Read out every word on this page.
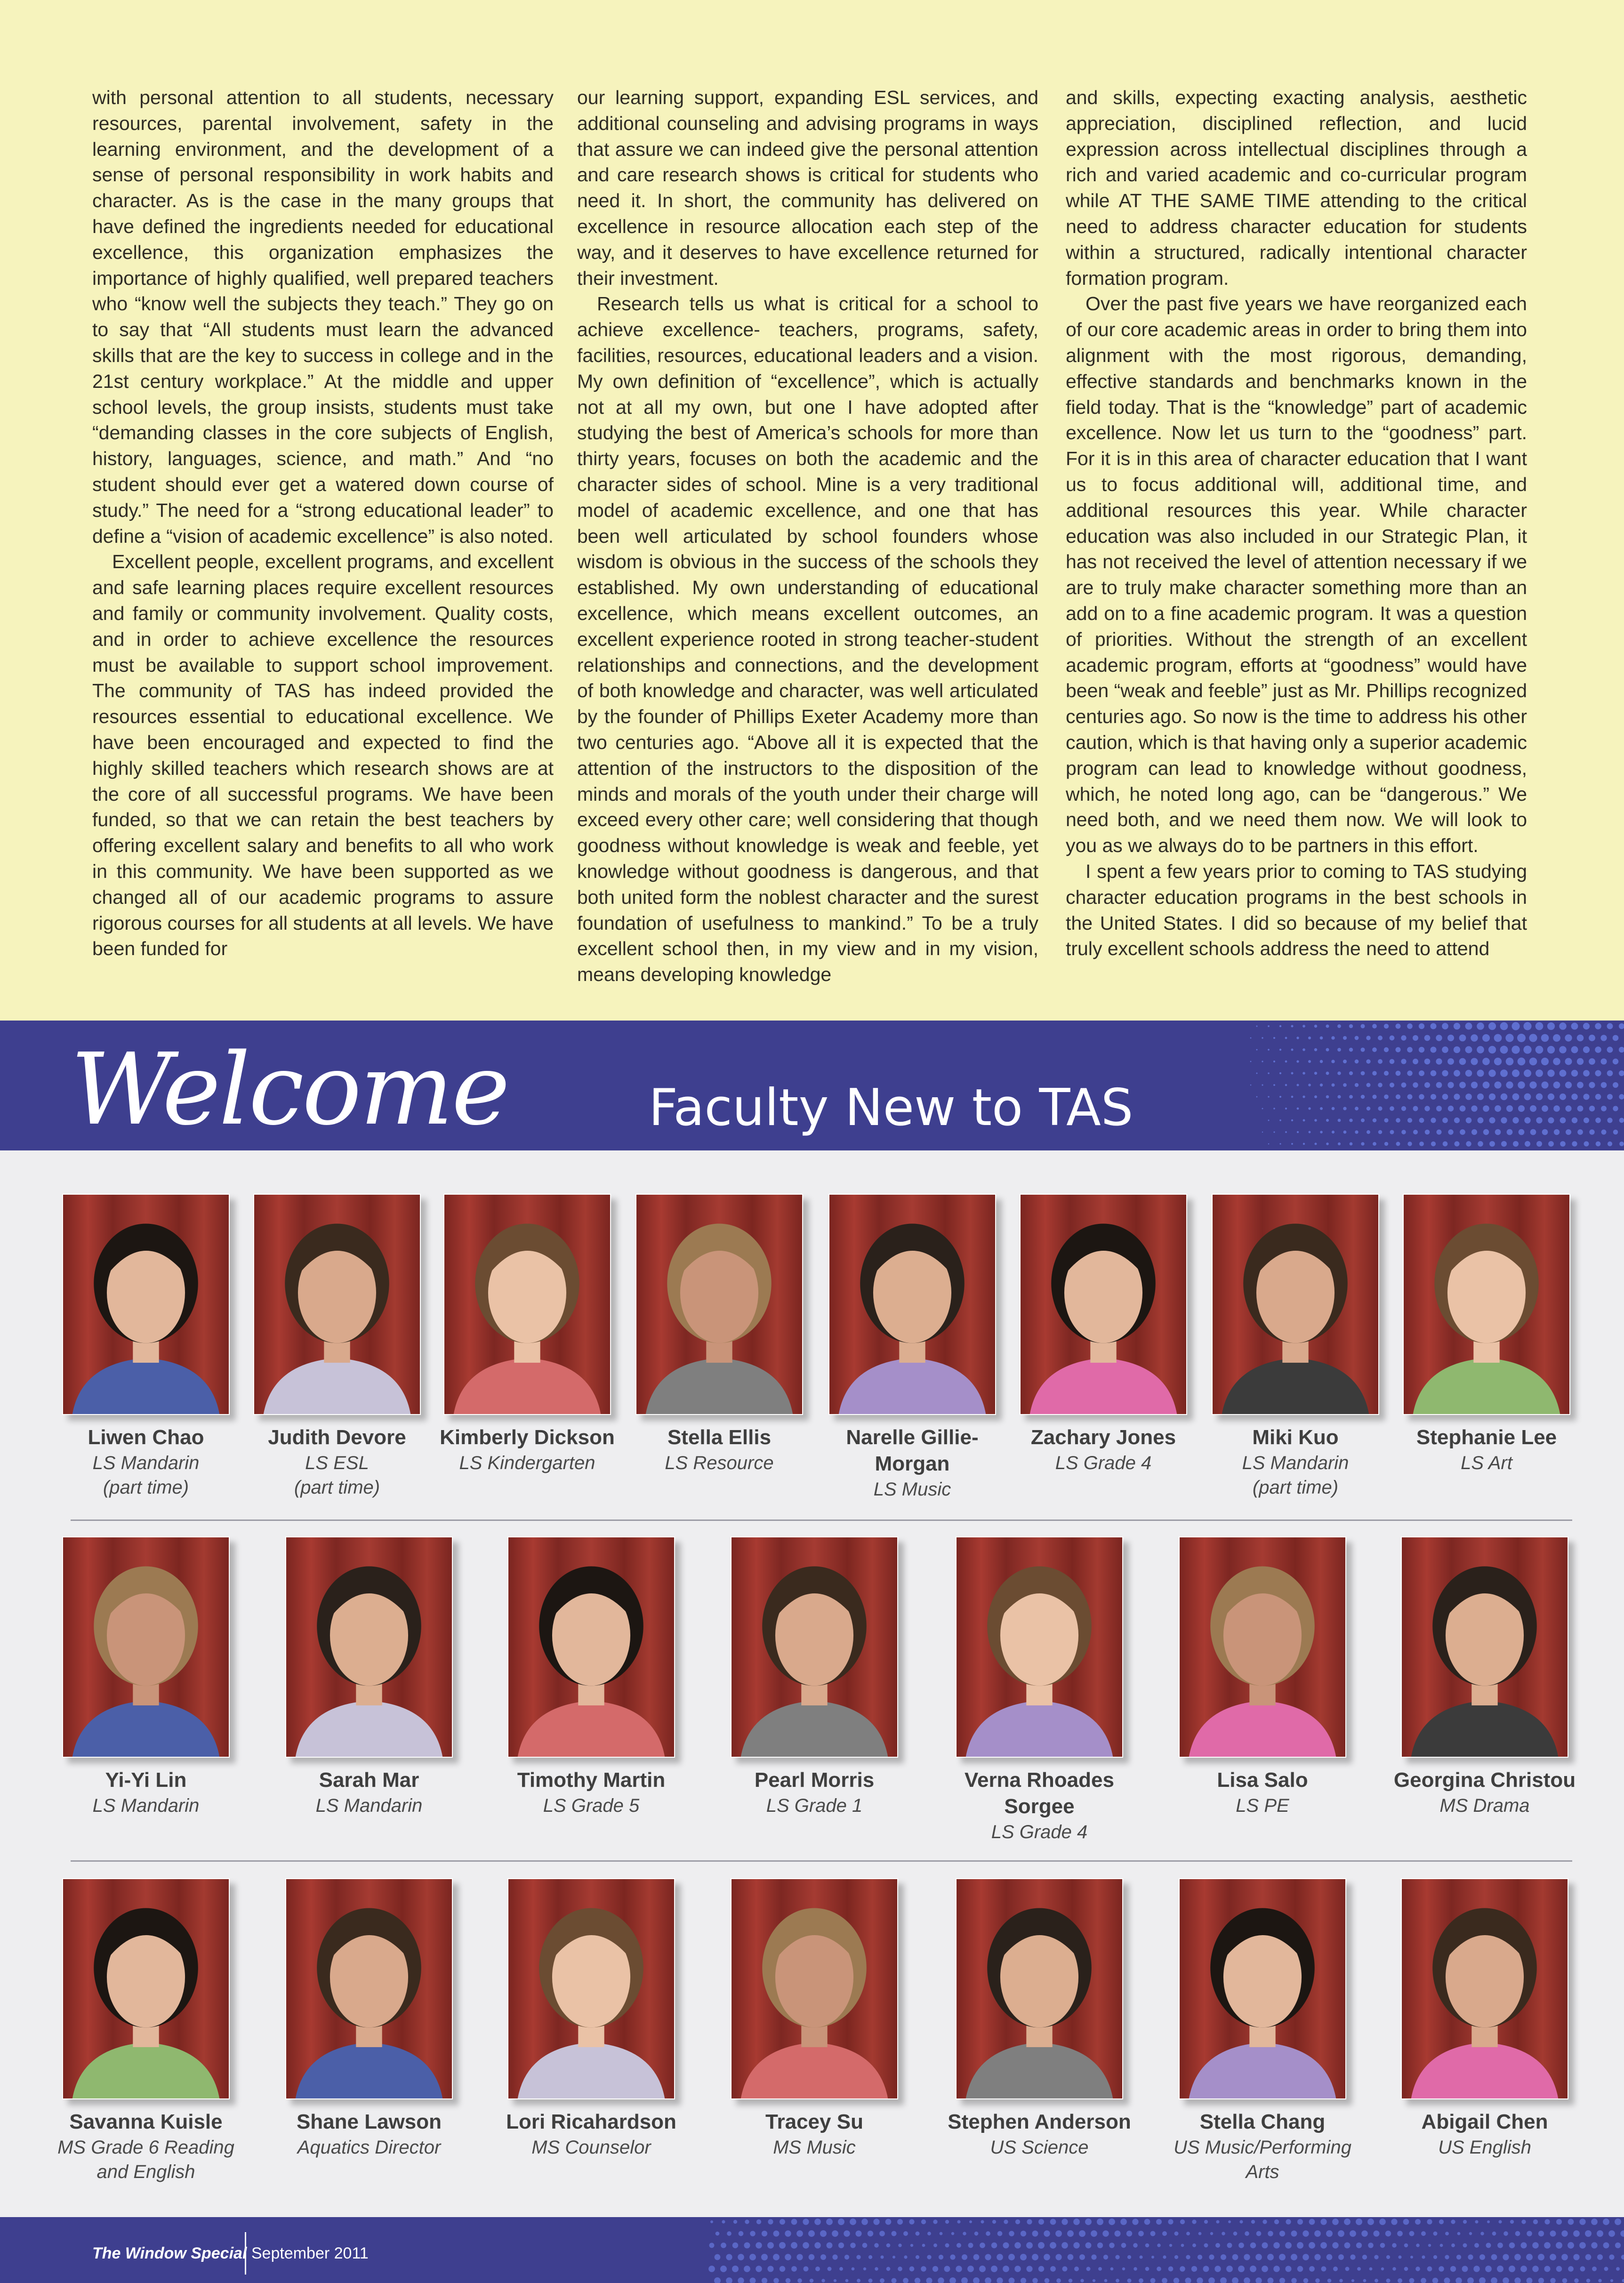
with personal attention to all students, necessary resources, parental involvement, safety in the learning environment, and the development of a sense of personal responsibility in work habits and character. As is the case in the many groups that have defined the ingredients needed for educational excellence, this organization emphasizes the importance of highly qualified, well prepared teachers who “know well the subjects they teach.” They go on to say that “All students must learn the advanced skills that are the key to success in college and in the 21st century workplace.” At the middle and upper school levels, the group insists, students must take “demanding classes in the core subjects of English, history, languages, science, and math.” And “no student should ever get a watered down course of study.” The need for a “strong educational leader” to define a “vision of academic excellence” is also noted.

Excellent people, excellent programs, and excellent and safe learning places require excellent resources and family or community involvement. Quality costs, and in order to achieve excellence the resources must be available to support school improvement. The community of TAS has indeed provided the resources essential to educational excellence. We have been encouraged and expected to find the highly skilled teachers which research shows are at the core of all successful programs. We have been funded, so that we can retain the best teachers by offering excellent salary and benefits to all who work in this community. We have been supported as we changed all of our academic programs to assure rigorous courses for all students at all levels. We have been funded for

our learning support, expanding ESL services, and additional counseling and advising programs in ways that assure we can indeed give the personal attention and care research shows is critical for students who need it. In short, the community has delivered on excellence in resource allocation each step of the way, and it deserves to have excellence returned for their investment.

Research tells us what is critical for a school to achieve excellence- teachers, programs, safety, facilities, resources, educational leaders and a vision. My own definition of “excellence”, which is actually not at all my own, but one I have adopted after studying the best of America’s schools for more than thirty years, focuses on both the academic and the character sides of school. Mine is a very traditional model of academic excellence, and one that has been well articulated by school founders whose wisdom is obvious in the success of the schools they established. My own understanding of educational excellence, which means excellent outcomes, an excellent experience rooted in strong teacher-student relationships and connections, and the development of both knowledge and character, was well articulated by the founder of Phillips Exeter Academy more than two centuries ago. “Above all it is expected that the attention of the instructors to the disposition of the minds and morals of the youth under their charge will exceed every other care; well considering that though goodness without knowledge is weak and feeble, yet knowledge without goodness is dangerous, and that both united form the noblest character and the surest foundation of usefulness to mankind.” To be a truly excellent school then, in my view and in my vision, means developing knowledge

and skills, expecting exacting analysis, aesthetic appreciation, disciplined reflection, and lucid expression across intellectual disciplines through a rich and varied academic and co-curricular program while AT THE SAME TIME attending to the critical need to address character education for students within a structured, radically intentional character formation program.

Over the past five years we have reorganized each of our core academic areas in order to bring them into alignment with the most rigorous, demanding, effective standards and benchmarks known in the field today. That is the “knowledge” part of academic excellence. Now let us turn to the “goodness” part. For it is in this area of character education that I want us to focus additional will, additional time, and additional resources this year. While character education was also included in our Strategic Plan, it has not received the level of attention necessary if we are to truly make character something more than an add on to a fine academic program. It was a question of priorities. Without the strength of an excellent academic program, efforts at “goodness” would have been “weak and feeble” just as Mr. Phillips recognized centuries ago. So now is the time to address his other caution, which is that having only a superior academic program can lead to knowledge without goodness, which, he noted long ago, can be “dangerous.” We need both, and we need them now. We will look to you as we always do to be partners in this effort.

I spent a few years prior to coming to TAS studying character education programs in the best schools in the United States. I did so because of my belief that truly excellent schools address the need to attend

Welcome	Faculty New to TAS
Liwen Chao
LS Mandarin
(part time)
Judith Devore
LS ESL
(part time)
Kimberly Dickson
LS Kindergarten
Stella Ellis
LS Resource
Narelle Gillie-
Morgan
LS Music
Zachary Jones
LS Grade 4
Miki Kuo
LS Mandarin
(part time)
Stephanie Lee
LS Art
Yi-Yi Lin
LS Mandarin
Sarah Mar
LS Mandarin
Timothy Martin
LS Grade 5
Pearl Morris
LS Grade 1
Verna Rhoades
Sorgee
LS Grade 4
Lisa Salo
LS PE
Georgina Christou
MS Drama
Savanna Kuisle
MS Grade 6 Reading
and English
Shane Lawson
Aquatics Director
Lori Ricahardson
MS Counselor
Tracey Su
MS Music
Stephen Anderson
US Science
Stella Chang
US Music/Performing
Arts
Abigail Chen
US English
The Window Special September 2011
